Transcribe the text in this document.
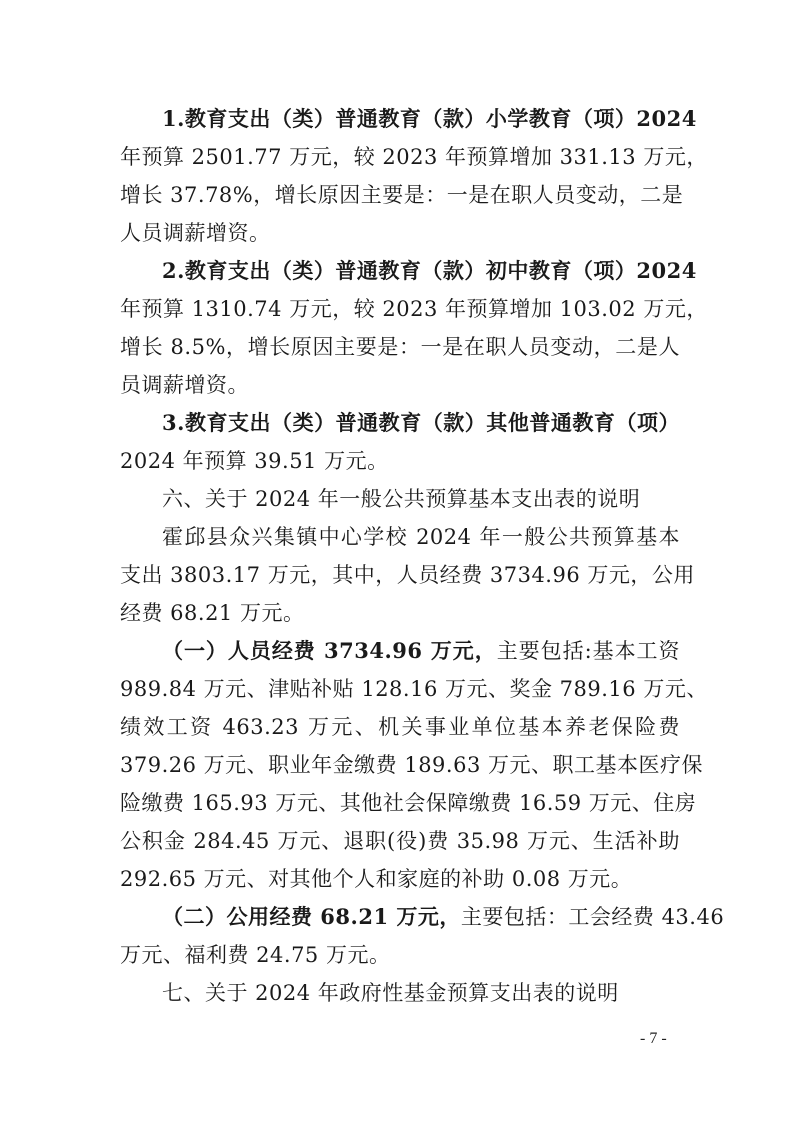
1.教育支出（类）普通教育（款）小学教育（项）2024
年预算 2501.77 万元，较 2023 年预算增加 331.13 万元，
增长 37.78%，增长原因主要是：一是在职人员变动，二是
人员调薪增资。
2.教育支出（类）普通教育（款）初中教育（项）2024
年预算 1310.74 万元，较 2023 年预算增加 103.02 万元，
增长 8.5%，增长原因主要是：一是在职人员变动，二是人
员调薪增资。
3.教育支出（类）普通教育（款）其他普通教育（项）
2024 年预算 39.51 万元。
六、关于 2024 年一般公共预算基本支出表的说明
霍邱县众兴集镇中心学校 2024 年一般公共预算基本
支出 3803.17 万元，其中，人员经费 3734.96 万元，公用
经费 68.21 万元。
（一）人员经费 3734.96 万元，主要包括:基本工资
989.84 万元、津贴补贴 128.16 万元、奖金 789.16 万元、
绩效工资 463.23 万元、机关事业单位基本养老保险费
379.26 万元、职业年金缴费 189.63 万元、职工基本医疗保
险缴费 165.93 万元、其他社会保障缴费 16.59 万元、住房
公积金 284.45 万元、退职(役)费 35.98 万元、生活补助
292.65 万元、对其他个人和家庭的补助 0.08 万元。
（二）公用经费 68.21 万元，主要包括：工会经费 43.46
万元、福利费 24.75 万元。
七、关于 2024 年政府性基金预算支出表的说明
- 7 -
